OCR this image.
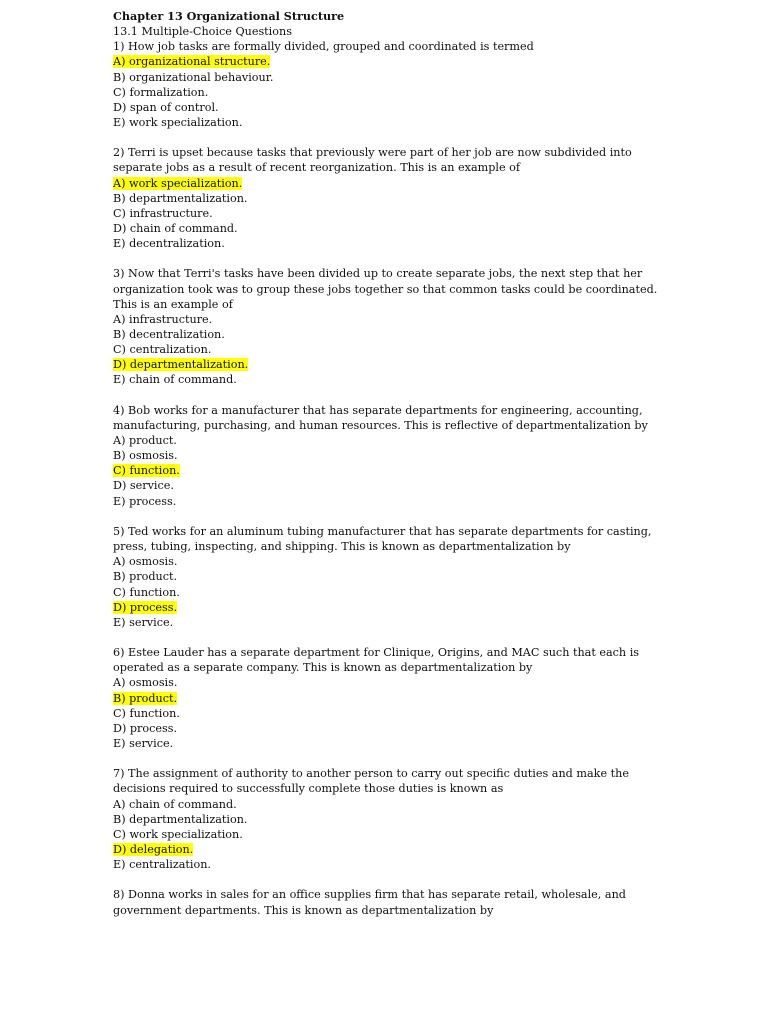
Chapter 13 Organizational Structure
13.1 Multiple-Choice Questions
1) How job tasks are formally divided, grouped and coordinated is termed
A) organizational structure.
B) organizational behaviour.
C) formalization.
D) span of control.
E) work specialization.
2) Terri is upset because tasks that previously were part of her job are now subdivided into separate jobs as a result of recent reorganization. This is an example of
A) work specialization.
B) departmentalization.
C) infrastructure.
D) chain of command.
E) decentralization.
3) Now that Terri's tasks have been divided up to create separate jobs, the next step that her organization took was to group these jobs together so that common tasks could be coordinated. This is an example of
A) infrastructure.
B) decentralization.
C) centralization.
D) departmentalization.
E) chain of command.
4) Bob works for a manufacturer that has separate departments for engineering, accounting, manufacturing, purchasing, and human resources. This is reflective of departmentalization by
A) product.
B) osmosis.
C) function.
D) service.
E) process.
5) Ted works for an aluminum tubing manufacturer that has separate departments for casting, press, tubing, inspecting, and shipping. This is known as departmentalization by
A) osmosis.
B) product.
C) function.
D) process.
E) service.
6) Estee Lauder has a separate department for Clinique, Origins, and MAC such that each is operated as a separate company. This is known as departmentalization by
A) osmosis.
B) product.
C) function.
D) process.
E) service.
7) The assignment of authority to another person to carry out specific duties and make the decisions required to successfully complete those duties is known as
A) chain of command.
B) departmentalization.
C) work specialization.
D) delegation.
E) centralization.
8) Donna works in sales for an office supplies firm that has separate retail, wholesale, and government departments. This is known as departmentalization by
